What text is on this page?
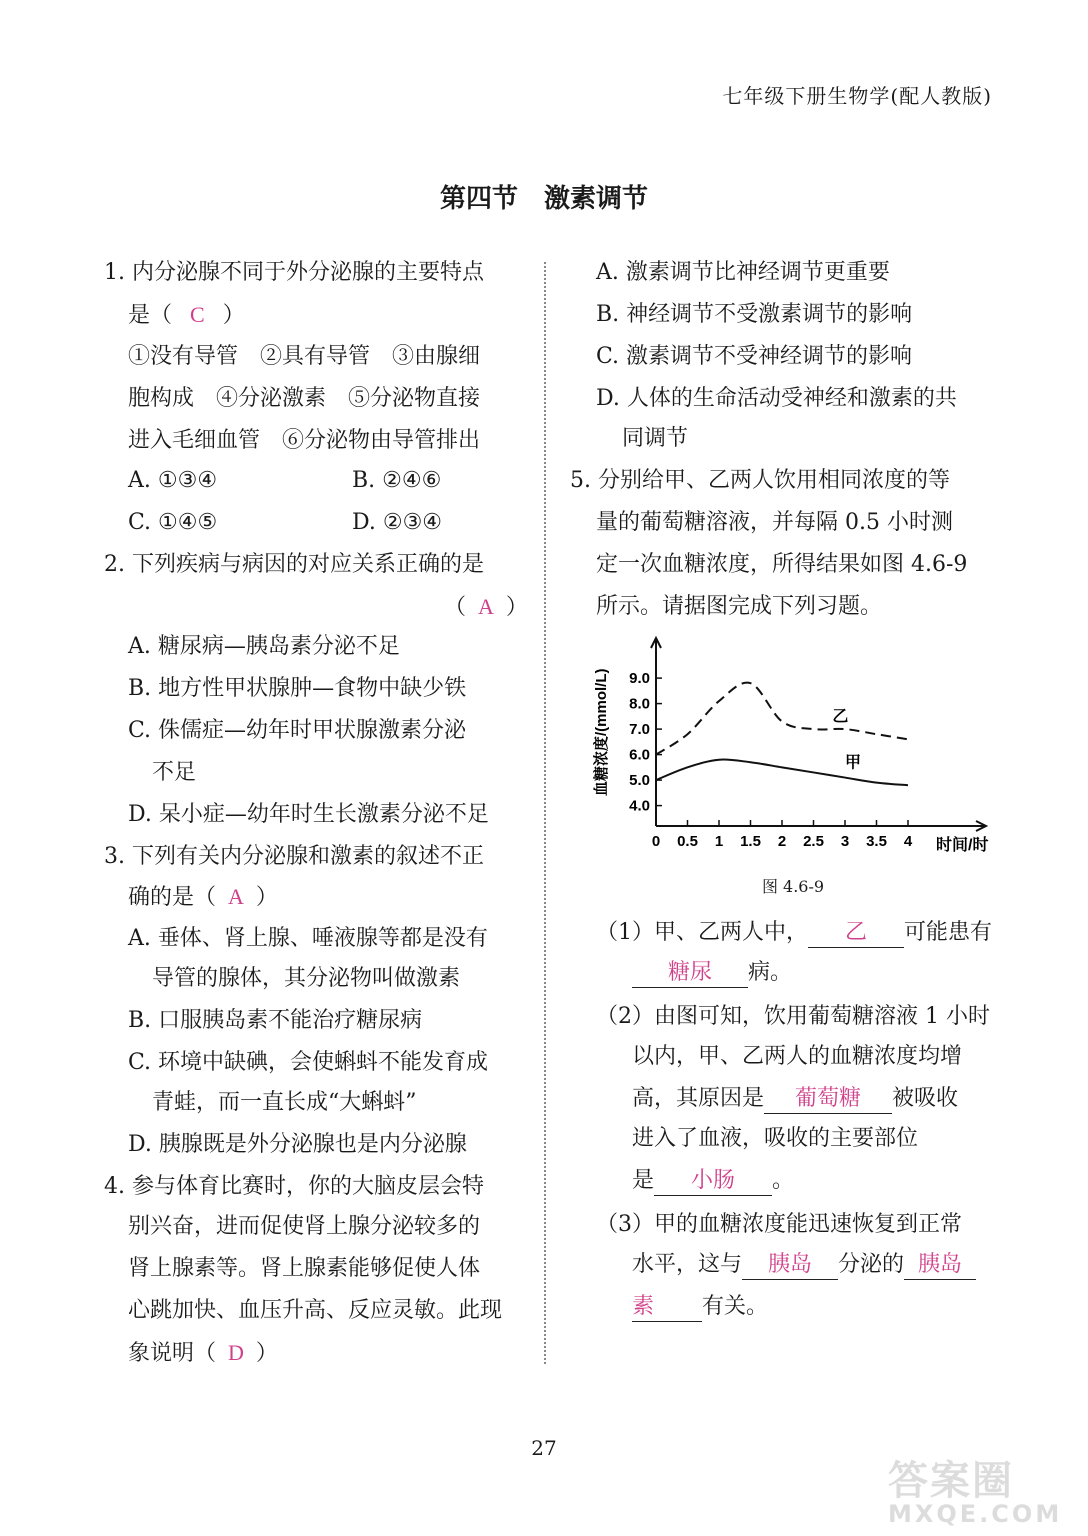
七年级下册生物学(配人教版)
第四节　激素调节
1. 内分泌腺不同于外分泌腺的主要特点
是（ C ）
①没有导管　②具有导管　③由腺细
胞构成　④分泌激素　⑤分泌物直接
进入毛细血管　⑥分泌物由导管排出
A. ①③④	B. ②④⑥
C. ①④⑤	D. ②③④
2. 下列疾病与病因的对应关系正确的是
（ A ）
A. 糖尿病—胰岛素分泌不足
B. 地方性甲状腺肿—食物中缺少铁
C. 侏儒症—幼年时甲状腺激素分泌
不足
D. 呆小症—幼年时生长激素分泌不足
3. 下列有关内分泌腺和激素的叙述不正
确的是（ A ）
A. 垂体、肾上腺、唾液腺等都是没有
导管的腺体，其分泌物叫做激素
B. 口服胰岛素不能治疗糖尿病
C. 环境中缺碘，会使蝌蚪不能发育成
青蛙，而一直长成“大蝌蚪”
D. 胰腺既是外分泌腺也是内分泌腺
4. 参与体育比赛时，你的大脑皮层会特
别兴奋，进而促使肾上腺分泌较多的
肾上腺素等。肾上腺素能够促使人体
心跳加快、血压升高、反应灵敏。此现
象说明（ D ）
A. 激素调节比神经调节更重要
B. 神经调节不受激素调节的影响
C. 激素调节不受神经调节的影响
D. 人体的生命活动受神经和激素的共
同调节
5. 分别给甲、乙两人饮用相同浓度的等
量的葡萄糖溶液，并每隔 0.5 小时测
定一次血糖浓度，所得结果如图 4.6-9
所示。请据图完成下列习题。
4.0
5.0
6.0
7.0
8.0
9.0
0 0.5 1 1.5 2 2.5 3 3.5 4
血糖浓度/(mmol/L)
时间/时
乙
甲
图 4.6-9
（1）甲、乙两人中， 乙 可能患有
糖尿 病。
（2）由图可知，饮用葡萄糖溶液 1 小时
以内，甲、乙两人的血糖浓度均增
高，其原因是 葡萄糖 被吸收
进入了血液，吸收的主要部位
是 小肠 。
（3）甲的血糖浓度能迅速恢复到正常
水平，这与 胰岛 分泌的 胰岛
素 有关。
27
答案圈
MXQE.COM
